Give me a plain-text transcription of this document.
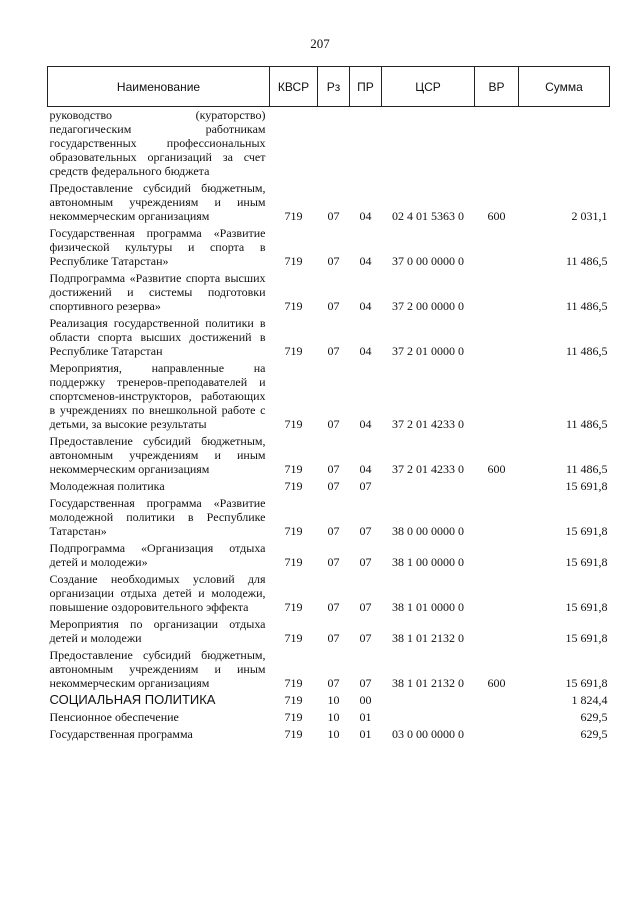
207
Наименование	КВСР	Рз	ПР	ЦСР	ВР	Сумма
руководство (кураторство) педагогическим работникам государственных профессиональных образовательных организаций за счет средств федерального бюджета						
Предоставление субсидий бюджетным, автономным учреждениям и иным некоммерческим организациям	719	07	04	02 4 01 5363 0	600	2 031,1
Государственная программа «Развитие физической культуры и спорта в Республике Татарстан»	719	07	04	37 0 00 0000 0		11 486,5
Подпрограмма «Развитие спорта высших достижений и системы подготовки спортивного резерва»	719	07	04	37 2 00 0000 0		11 486,5
Реализация государственной политики в области спорта высших достижений в Республике Татарстан	719	07	04	37 2 01 0000 0		11 486,5
Мероприятия, направленные на поддержку тренеров-преподавателей и спортсменов-инструкторов, работающих в учреждениях по внешкольной работе с детьми, за высокие результаты	719	07	04	37 2 01 4233 0		11 486,5
Предоставление субсидий бюджетным, автономным учреждениям и иным некоммерческим организациям	719	07	04	37 2 01 4233 0	600	11 486,5
Молодежная политика	719	07	07			15 691,8
Государственная программа «Развитие молодежной политики в Республике Татарстан»	719	07	07	38 0 00 0000 0		15 691,8
Подпрограмма «Организация отдыха детей и молодежи»	719	07	07	38 1 00 0000 0		15 691,8
Создание необходимых условий для организации отдыха детей и молодежи, повышение оздоровительного эффекта	719	07	07	38 1 01 0000 0		15 691,8
Мероприятия по организации отдыха детей и молодежи	719	07	07	38 1 01 2132 0		15 691,8
Предоставление субсидий бюджетным, автономным учреждениям и иным некоммерческим организациям	719	07	07	38 1 01 2132 0	600	15 691,8
СОЦИАЛЬНАЯ ПОЛИТИКА	719	10	00			1 824,4
Пенсионное обеспечение	719	10	01			629,5
Государственная программа	719	10	01	03 0 00 0000 0		629,5
